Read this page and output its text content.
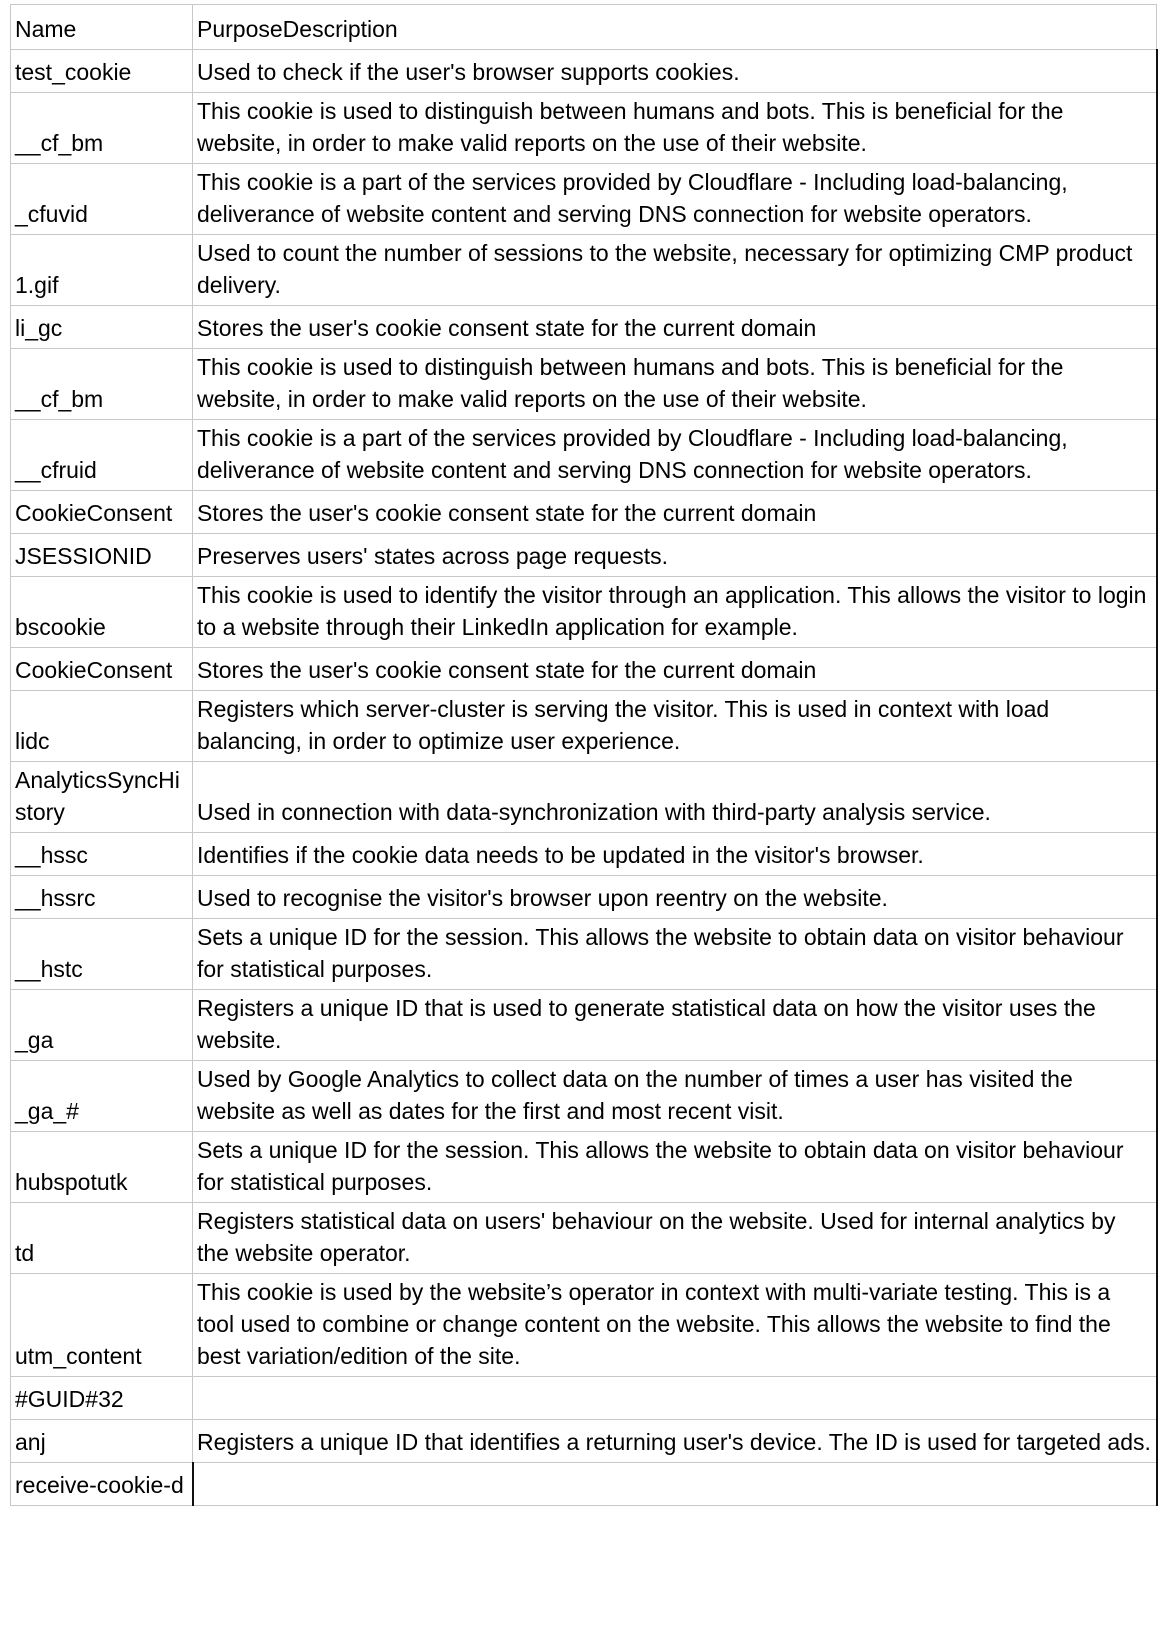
Name	PurposeDescription
test_cookie	Used to check if the user's browser supports cookies.
__cf_bm	This cookie is used to distinguish between humans and bots. This is beneficial for the website, in order to make valid reports on the use of their website.
_cfuvid	This cookie is a part of the services provided by Cloudflare - Including load-balancing, deliverance of website content and serving DNS connection for website operators.
1.gif	Used to count the number of sessions to the website, necessary for optimizing CMP product delivery.
li_gc	Stores the user's cookie consent state for the current domain
__cf_bm	This cookie is used to distinguish between humans and bots. This is beneficial for the website, in order to make valid reports on the use of their website.
__cfruid	This cookie is a part of the services provided by Cloudflare - Including load-balancing, deliverance of website content and serving DNS connection for website operators.
CookieConsent	Stores the user's cookie consent state for the current domain
JSESSIONID	Preserves users' states across page requests.
bscookie	This cookie is used to identify the visitor through an application. This allows the visitor to login to a website through their LinkedIn application for example.
CookieConsent	Stores the user's cookie consent state for the current domain
lidc	Registers which server-cluster is serving the visitor. This is used in context with load balancing, in order to optimize user experience.
AnalyticsSyncHistory	Used in connection with data-synchronization with third-party analysis service.
__hssc	Identifies if the cookie data needs to be updated in the visitor's browser.
__hssrc	Used to recognise the visitor's browser upon reentry on the website.
__hstc	Sets a unique ID for the session. This allows the website to obtain data on visitor behaviour for statistical purposes.
_ga	Registers a unique ID that is used to generate statistical data on how the visitor uses the website.
_ga_#	Used by Google Analytics to collect data on the number of times a user has visited the website as well as dates for the first and most recent visit.
hubspotutk	Sets a unique ID for the session. This allows the website to obtain data on visitor behaviour for statistical purposes.
td	Registers statistical data on users' behaviour on the website. Used for internal analytics by the website operator.
utm_content	This cookie is used by the website’s operator in context with multi-variate testing. This is a tool used to combine or change content on the website. This allows the website to find the best variation/edition of the site.
#GUID#32	
anj	Registers a unique ID that identifies a returning user's device. The ID is used for targeted ads.
receive-cookie-d	
